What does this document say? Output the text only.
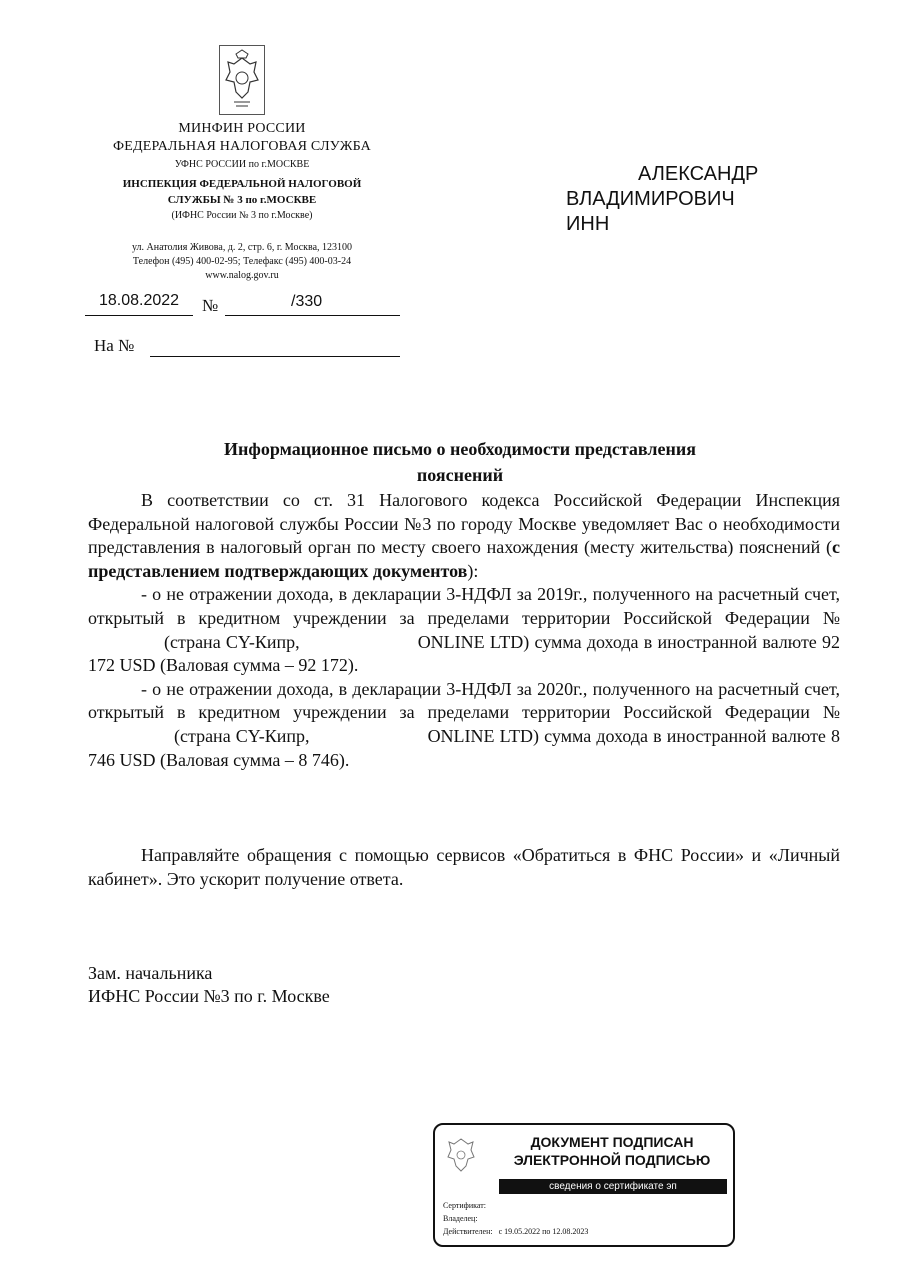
МИНФИН РОССИИ
ФЕДЕРАЛЬНАЯ НАЛОГОВАЯ СЛУЖБА
УФНС РОССИИ по г.МОСКВЕ
ИНСПЕКЦИЯ ФЕДЕРАЛЬНОЙ НАЛОГОВОЙ
СЛУЖБЫ № 3 по г.МОСКВЕ
(ИФНС России № 3 по г.Москве)
ул. Анатолия Живова, д. 2, стр. 6, г. Москва, 123100
Телефон (495) 400-02-95; Телефакс (495) 400-03-24
www.nalog.gov.ru
18.08.2022	№	/330
На №
АЛЕКСАНДР
ВЛАДИМИРОВИЧ
ИНН
Информационное письмо о необходимости представления
пояснений

В соответствии со ст. 31 Налогового кодекса Российской Федерации Инспекция Федеральной налоговой службы России №3 по городу Москве уведомляет Вас о необходимости представления в налоговый орган по месту своего нахождения (месту жительства) пояснений (с представлением подтверждающих документов):

- о не отражении дохода, в декларации 3-НДФЛ за 2019г., полученного на расчетный счет, открытый в кредитном учреждении за пределами территории Российской Федерации №(страна CY-Кипр,	ONLINE LTD) сумма дохода в иностранной валюте 92 172 USD (Валовая сумма – 92 172).

- о не отражении дохода, в декларации 3-НДФЛ за 2020г., полученного на расчетный счет, открытый в кредитном учреждении за пределами территории Российской Федерации №(страна CY-Кипр,	ONLINE LTD) сумма дохода в иностранной валюте 8 746 USD (Валовая сумма – 8 746).

Направляйте обращения с помощью сервисов «Обратиться в ФНС России» и «Личный кабинет». Это ускорит получение ответа.

Зам. начальника
ИФНС России №3 по г. Москве
ДОКУМЕНТ ПОДПИСАН
ЭЛЕКТРОННОЙ ПОДПИСЬЮ
сведения о сертификате эп
Сертификат:
Владелец:
Действителен: с 19.05.2022 по 12.08.2023
